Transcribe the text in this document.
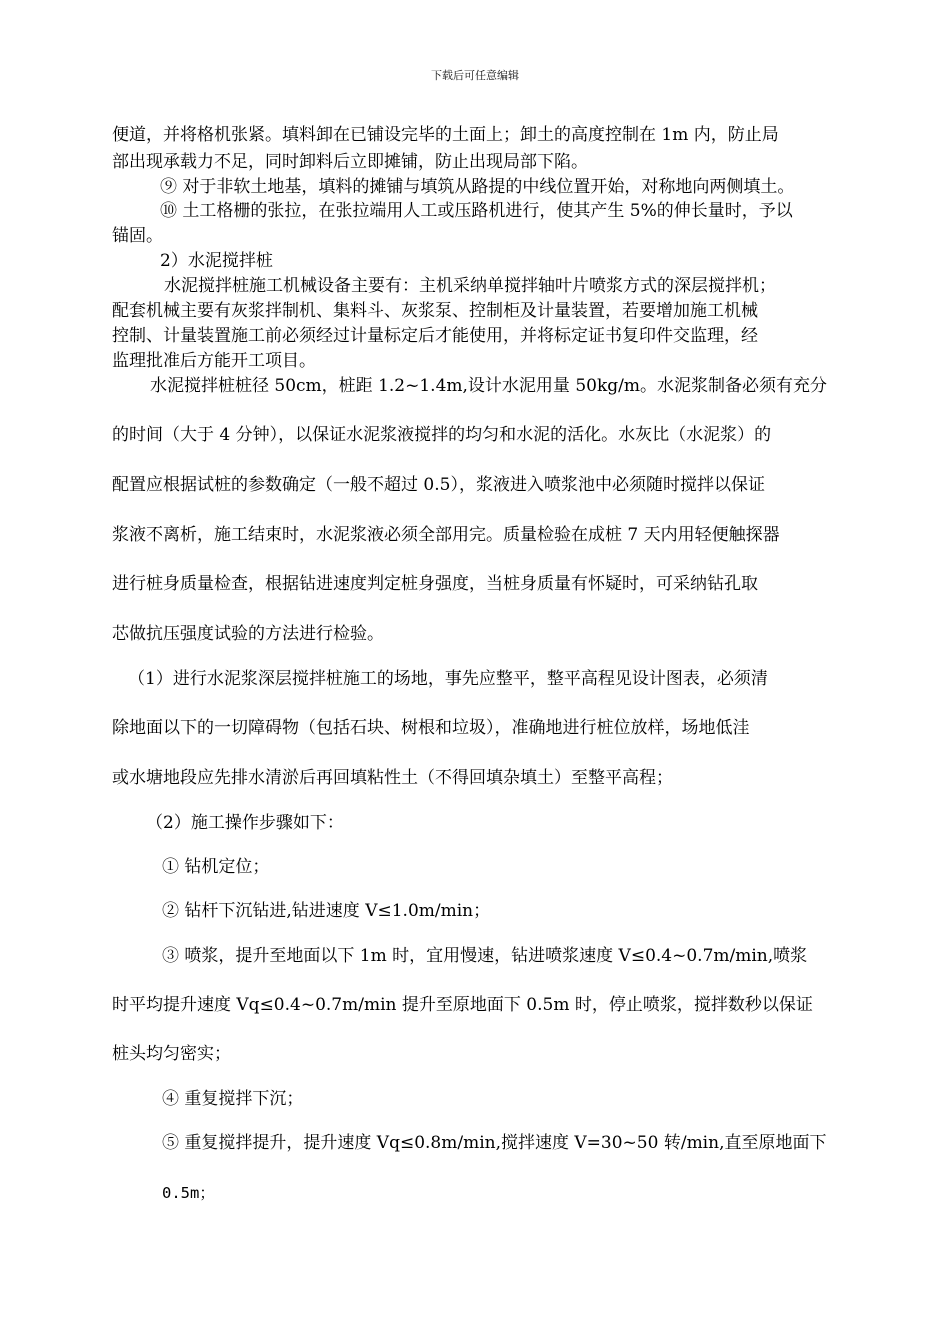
下载后可任意编辑
便道，并将格机张紧。填料卸在已铺设完毕的土面上；卸土的高度控制在 1m 内，防止局
部出现承载力不足，同时卸料后立即摊铺，防止出现局部下陷。
⑨ 对于非软土地基，填料的摊铺与填筑从路提的中线位置开始，对称地向两侧填土。
⑩ 土工格栅的张拉，在张拉端用人工或压路机进行，使其产生 5%的伸长量时，予以
锚固。
2）水泥搅拌桩
水泥搅拌桩施工机械设备主要有：主机采纳单搅拌轴叶片喷浆方式的深层搅拌机；
配套机械主要有灰浆拌制机、集料斗、灰浆泵、控制柜及计量装置，若要增加施工机械
控制、计量装置施工前必须经过计量标定后才能使用，并将标定证书复印件交监理，经
监理批准后方能开工项目。
水泥搅拌桩桩径 50cm，桩距 1.2~1.4m,设计水泥用量 50kg/m。水泥浆制备必须有充分
的时间（大于 4 分钟），以保证水泥浆液搅拌的均匀和水泥的活化。水灰比（水泥浆）的
配置应根据试桩的参数确定（一般不超过 0.5），浆液进入喷浆池中必须随时搅拌以保证
浆液不离析，施工结束时，水泥浆液必须全部用完。质量检验在成桩 7 天内用轻便触探器
进行桩身质量检查，根据钻进速度判定桩身强度，当桩身质量有怀疑时，可采纳钻孔取
芯做抗压强度试验的方法进行检验。
（1）进行水泥浆深层搅拌桩施工的场地，事先应整平，整平高程见设计图表，必须清
除地面以下的一切障碍物（包括石块、树根和垃圾），准确地进行桩位放样，场地低洼
或水塘地段应先排水清淤后再回填粘性土（不得回填杂填土）至整平高程；
（2）施工操作步骤如下：
① 钻机定位；
② 钻杆下沉钻进,钻进速度 V≤1.0m/min；
③ 喷浆，提升至地面以下 1m 时，宜用慢速，钻进喷浆速度 V≤0.4~0.7m/min,喷浆
时平均提升速度 Vq≤0.4~0.7m/min 提升至原地面下 0.5m 时，停止喷浆，搅拌数秒以保证
桩头均匀密实；
④ 重复搅拌下沉；
⑤ 重复搅拌提升，提升速度 Vq≤0.8m/min,搅拌速度 V=30~50 转/min,直至原地面下
0.5m；
